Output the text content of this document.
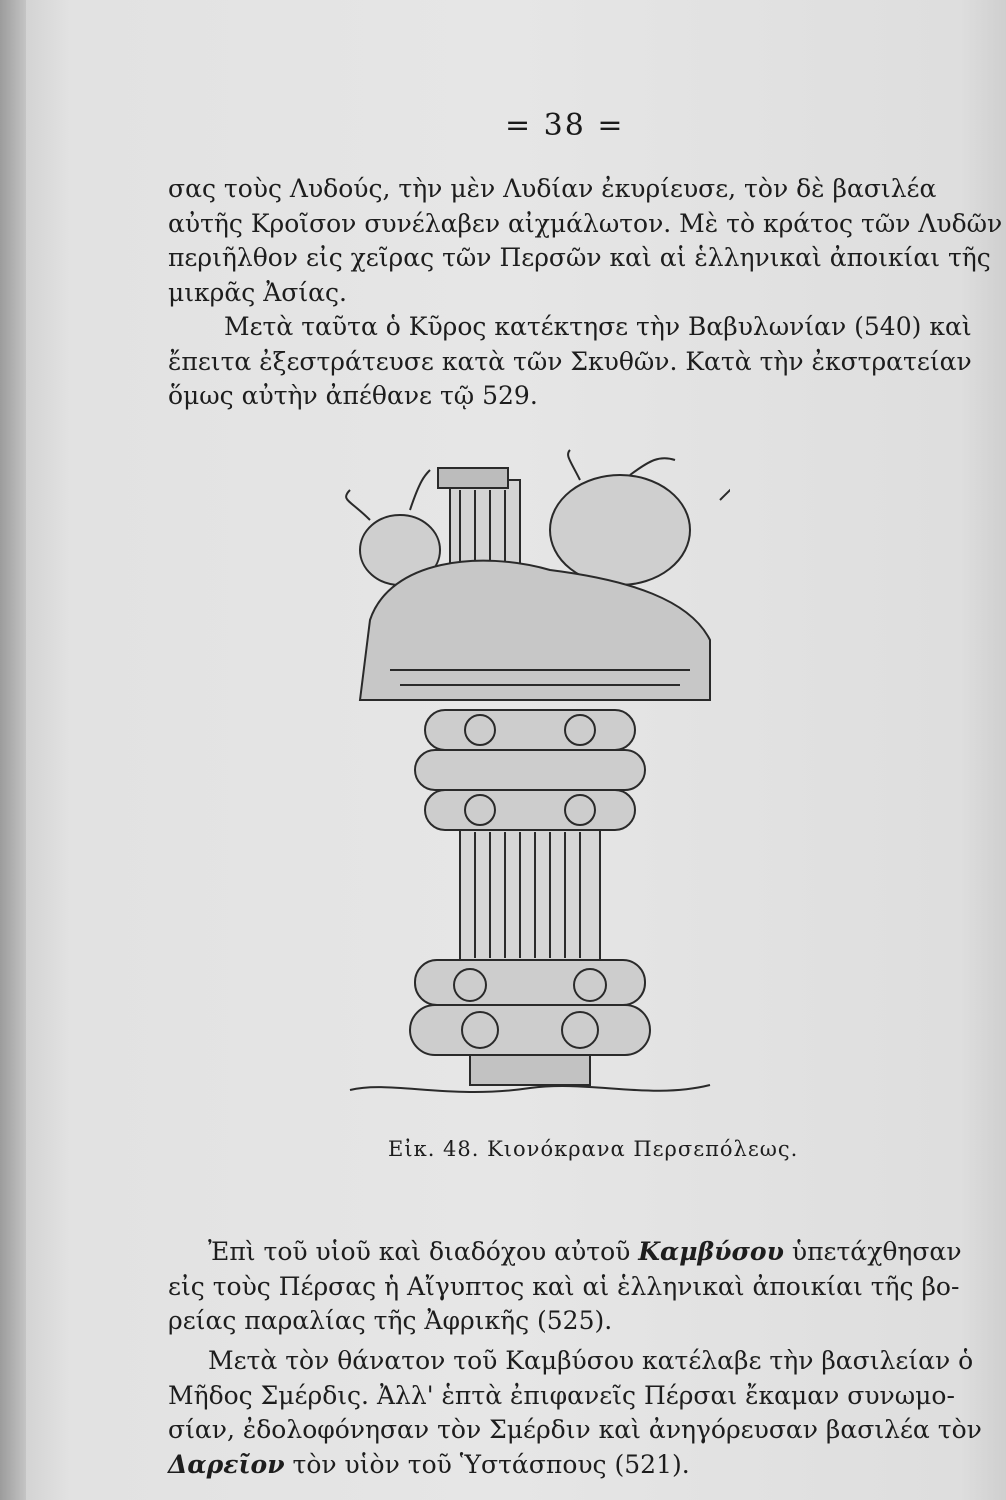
= 38 =
σας τοὺς Λυδούς, τὴν μὲν Λυδίαν ἐκυρίευσε, τὸν δὲ βασιλέα
αὐτῆς Κροῖσον συνέλαβεν αἰχμάλωτον. Μὲ τὸ κράτος τῶν Λυδῶν
περιῆλθον εἰς χεῖρας τῶν Περσῶν καὶ αἱ ἑλληνικαὶ ἀποικίαι τῆς
μικρᾶς Ἀσίας.
Μετὰ ταῦτα ὁ Κῦρος κατέκτησε τὴν Βαβυλωνίαν (540) καὶ
ἔπειτα ἐξεστράτευσε κατὰ τῶν Σκυθῶν. Κατὰ τὴν ἐκστρατείαν
ὅμως αὐτὴν ἀπέθανε τῷ 529.
Εἰκ. 48. Κιονόκρανα Περσεπόλεως.
Ἐπὶ τοῦ υἱοῦ καὶ διαδόχου αὐτοῦ Καμβύσου ὑπετάχθησαν
εἰς τοὺς Πέρσας ἡ Αἴγυπτος καὶ αἱ ἑλληνικαὶ ἀποικίαι τῆς βο-
ρείας παραλίας τῆς Ἀφρικῆς (525).
Μετὰ τὸν θάνατον τοῦ Καμβύσου κατέλαβε τὴν βασιλείαν ὁ
Μῆδος Σμέρδις. Ἀλλ' ἑπτὰ ἐπιφανεῖς Πέρσαι ἔκαμαν συνωμο-
σίαν, ἐδολοφόνησαν τὸν Σμέρδιν καὶ ἀνηγόρευσαν βασιλέα τὸν
Δαρεῖον τὸν υἱὸν τοῦ Ὑστάσπους (521).
